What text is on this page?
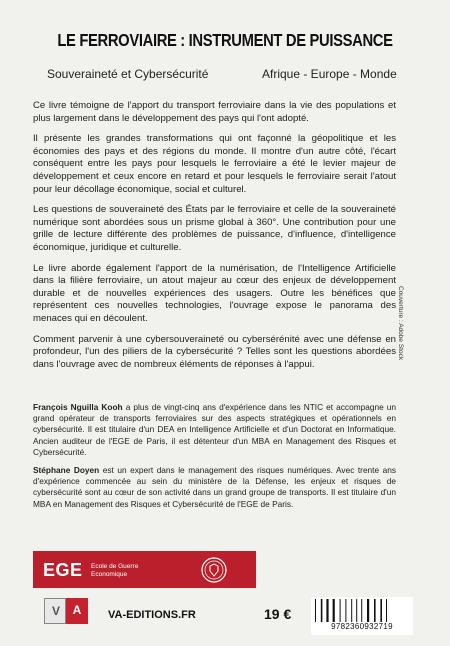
LE FERROVIAIRE : INSTRUMENT DE PUISSANCE
Souveraineté et Cybersécurité	Afrique - Europe - Monde

Ce livre témoigne de l'apport du transport ferroviaire dans la vie des populations et plus largement dans le développement des pays qui l'ont adopté.

Il présente les grandes transformations qui ont façonné la géopolitique et les économies des pays et des régions du monde. Il montre d'un autre côté, l'écart conséquent entre les pays pour lesquels le ferroviaire a été le levier majeur de développement et ceux encore en retard et pour lesquels le ferroviaire serait l'atout pour leur décollage économique, social et culturel.

Les questions de souveraineté des États par le ferroviaire et celle de la souveraineté numérique sont abordées sous un prisme global à 360°. Une contribution pour une grille de lecture différente des problèmes de puissance, d'influence, d'intelligence économique, juridique et culturelle.

Le livre aborde également l'apport de la numérisation, de l'Intelligence Artificielle dans la filière ferroviaire, un atout majeur au cœur des enjeux de développement durable et de nouvelles expériences des usagers. Outre les bénéfices que représentent ces nouvelles technologies, l'ouvrage expose le panorama des menaces qui en découlent.

Comment parvenir à une cybersouveraineté ou cybersérénité avec une défense en profondeur, l'un des piliers de la cybersécurité ? Telles sont les questions abordées dans l'ouvrage avec de nombreux éléments de réponses à l'appui.

Couverture : Adobe Stock

François Nguilla Kooh a plus de vingt-cinq ans d'expérience dans les NTIC et accompagne un grand opérateur de transports ferroviaires sur des aspects stratégiques et opérationnels en cybersécurité. Il est titulaire d'un DEA en Intelligence Artificielle et d'un Doctorat en Informatique. Ancien auditeur de l'EGE de Paris, il est détenteur d'un MBA en Management des Risques et Cybersécurité.

Stéphane Doyen est un expert dans le management des risques numériques. Avec trente ans d'expérience commencée au sein du ministère de la Défense, les enjeux et risques de cybersécurité sont au cœur de son activité dans un grand groupe de transports. Il est titulaire d'un MBA en Management des Risques et Cybersécurité de l'EGE de Paris.

EGE Ecole de Guerre
Economique
V	A	VA-EDITIONS.FR	19 €
9782360932719
